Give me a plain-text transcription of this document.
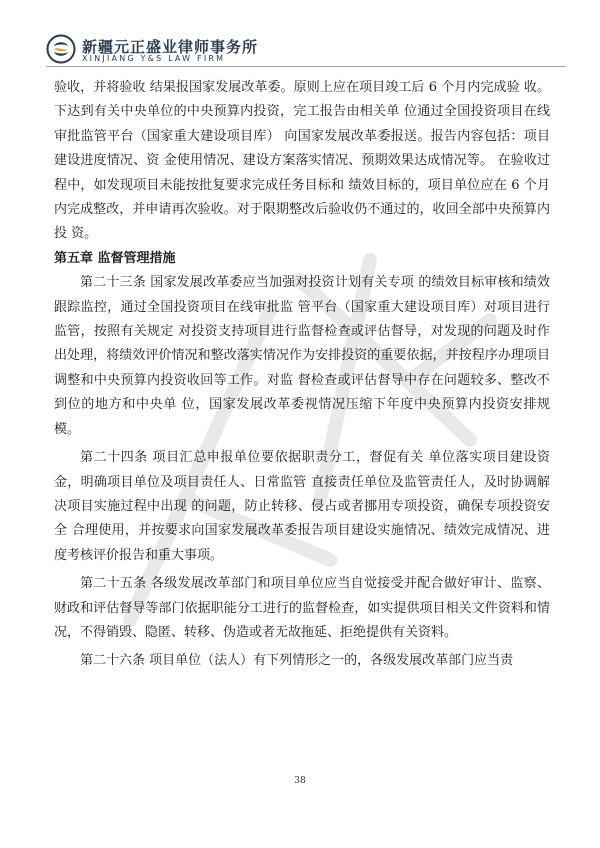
新疆元正盛业律师事务所
XINJIANG Y&S LAW FIRM

验收，并将验收 结果报国家发展改革委。原则上应在项目竣工后 6 个月内完成验 收。下达到有关中央单位的中央预算内投资，完工报告由相关单 位通过全国投资项目在线审批监管平台（国家重大建设项目库） 向国家发展改革委报送。报告内容包括：项目建设进度情况、资 金使用情况、建设方案落实情况、预期效果达成情况等。 在验收过程中，如发现项目未能按批复要求完成任务目标和 绩效目标的，项目单位应在 6 个月内完成整改，并申请再次验收。对于限期整改后验收仍不通过的，收回全部中央预算内投 资。

第五章 监督管理措施

第二十三条 国家发展改革委应当加强对投资计划有关专项 的绩效目标审核和绩效跟踪监控，通过全国投资项目在线审批监 管平台（国家重大建设项目库）对项目进行监管，按照有关规定 对投资支持项目进行监督检查或评估督导，对发现的问题及时作 出处理，将绩效评价情况和整改落实情况作为安排投资的重要依据，并按程序办理项目调整和中央预算内投资收回等工作。对监 督检查或评估督导中存在问题较多、整改不到位的地方和中央单 位，国家发展改革委视情况压缩下年度中央预算内投资安排规 模。

第二十四条 项目汇总申报单位要依据职责分工，督促有关 单位落实项目建设资金，明确项目单位及项目责任人、日常监管 直接责任单位及监管责任人，及时协调解决项目实施过程中出现 的问题，防止转移、侵占或者挪用专项投资，确保专项投资安全 合理使用，并按要求向国家发展改革委报告项目建设实施情况、绩效完成情况、进度考核评价报告和重大事项。

第二十五条 各级发展改革部门和项目单位应当自觉接受并配合做好审计、监察、财政和评估督导等部门依据职能分工进行的监督检查，如实提供项目相关文件资料和情况，不得销毁、隐匿、转移、伪造或者无故拖延、拒绝提供有关资料。

第二十六条 项目单位（法人）有下列情形之一的，各级发展改革部门应当责

38
